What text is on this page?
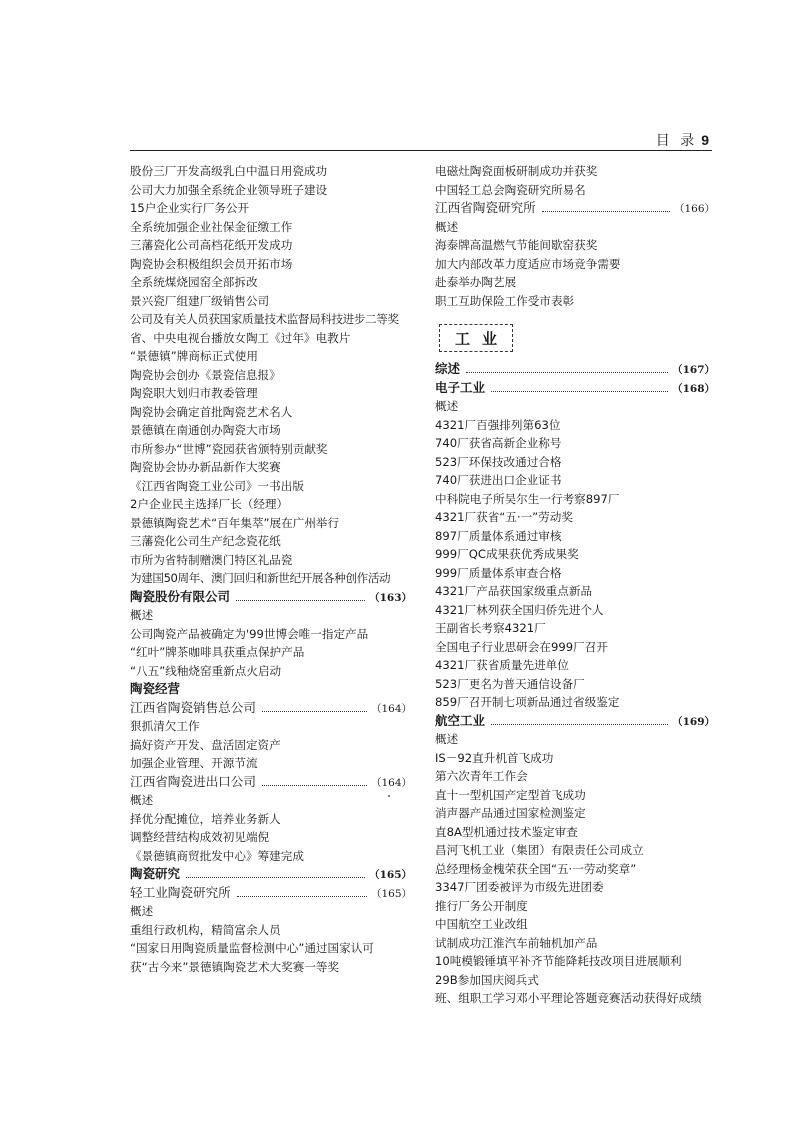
目 录 9
股份三厂开发高级乳白中温日用瓷成功
公司大力加强全系统企业领导班子建设
15户企业实行厂务公开
全系统加强企业社保金征缴工作
三藩瓷化公司高档花纸开发成功
陶瓷协会积极组织会员开拓市场
全系统煤烧园窑全部拆改
景兴瓷厂组建厂级销售公司
公司及有关人员获国家质量技术监督局科技进步二等奖
省、中央电视台播放女陶工《过年》电教片
“景德镇”牌商标正式使用
陶瓷协会创办《景瓷信息报》
陶瓷职大划归市教委管理
陶瓷协会确定首批陶瓷艺术名人
景德镇在南通创办陶瓷大市场
市所参办“世博”瓷园获省颁特别贡献奖
陶瓷协会协办新品新作大奖赛
《江西省陶瓷工业公司》一书出版
2户企业民主选择厂长（经理）
景德镇陶瓷艺术“百年集萃”展在广州举行
三藩瓷化公司生产纪念瓷花纸
市所为省特制赠澳门特区礼品瓷
为建国50周年、澳门回归和新世纪开展各种创作活动
陶瓷股份有限公司	（163）
概述
公司陶瓷产品被确定为'99世博会唯一指定产品
“红叶”牌茶咖啡具获重点保护产品
“八五”线釉烧窑重新点火启动
陶瓷经营
江西省陶瓷销售总公司	（164）
狠抓清欠工作
搞好资产开发、盘活固定资产
加强企业管理、开源节流
江西省陶瓷进出口公司	（164）
概述
择优分配摊位，培养业务新人
调整经营结构成效初见端倪
《景德镇商贸批发中心》筹建完成
陶瓷研究	（165）
轻工业陶瓷研究所	（165）
概述
重组行政机构，精简富余人员
“国家日用陶瓷质量监督检测中心”通过国家认可
获“古今来”景德镇陶瓷艺术大奖赛一等奖
电磁灶陶瓷面板研制成功并获奖
中国轻工总会陶瓷研究所易名
江西省陶瓷研究所	（166）
概述
海泰牌高温燃气节能间歇窑获奖
加大内部改革力度适应市场竞争需要
赴泰举办陶艺展
职工互助保险工作受市表彰
工业
综述	（167）
电子工业	（168）
概述
4321厂百强排列第63位
740厂获省高新企业称号
523厂环保技改通过合格
740厂获进出口企业证书
中科院电子所吴尔生一行考察897厂
4321厂获省“五·一”劳动奖
897厂质量体系通过审核
999厂QC成果获优秀成果奖
999厂质量体系审查合格
4321厂产品获国家级重点新品
4321厂林列获全国归侨先进个人
王副省长考察4321厂
全国电子行业思研会在999厂召开
4321厂获省质量先进单位
523厂更名为普天通信设备厂
859厂召开制七项新品通过省级鉴定
航空工业	（169）
概述
IS－92直升机首飞成功
第六次青年工作会
直十一型机国产定型首飞成功
消声器产品通过国家检测鉴定
直8A型机通过技术鉴定审查
昌河飞机工业（集团）有限责任公司成立
总经理杨金槐荣获全国“五·一劳动奖章”
3347厂团委被评为市级先进团委
推行厂务公开制度
中国航空工业改组
试制成功江淮汽车前轴机加产品
10吨模锻锤填平补齐节能降耗技改项目进展顺利
29B参加国庆阅兵式
班、组职工学习邓小平理论答题竞赛活动获得好成绩
